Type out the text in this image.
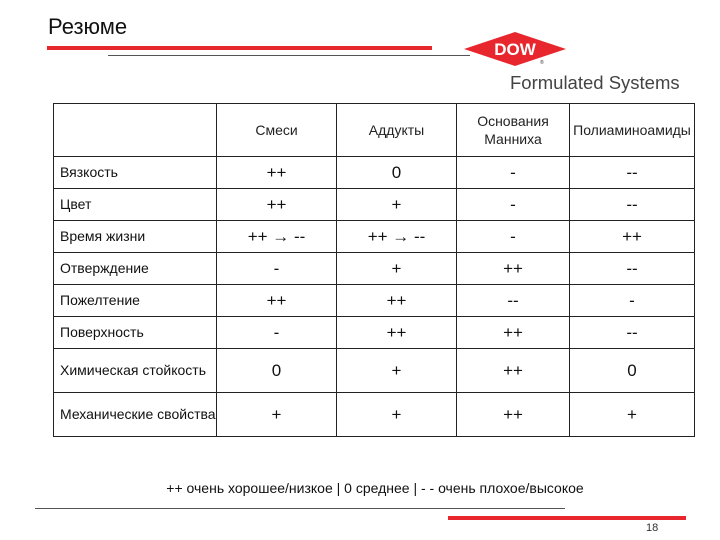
Резюме
DOW
®
Formulated Systems
	Смеси	Аддукты	Основания Манниха	Полиаминоамиды
Вязкость	++	0	-	--
Цвет	++	+	-	--
Время жизни	++ → --	++ → --	-	++
Отверждение	-	+	++	--
Пожелтение	++	++	--	-
Поверхность	-	++	++	--
Химическая стойкость	0	+	++	0
Механические свойства	+	+	++	+
++ очень хорошее/низкое | 0 среднее | - - очень плохое/высокое
18
